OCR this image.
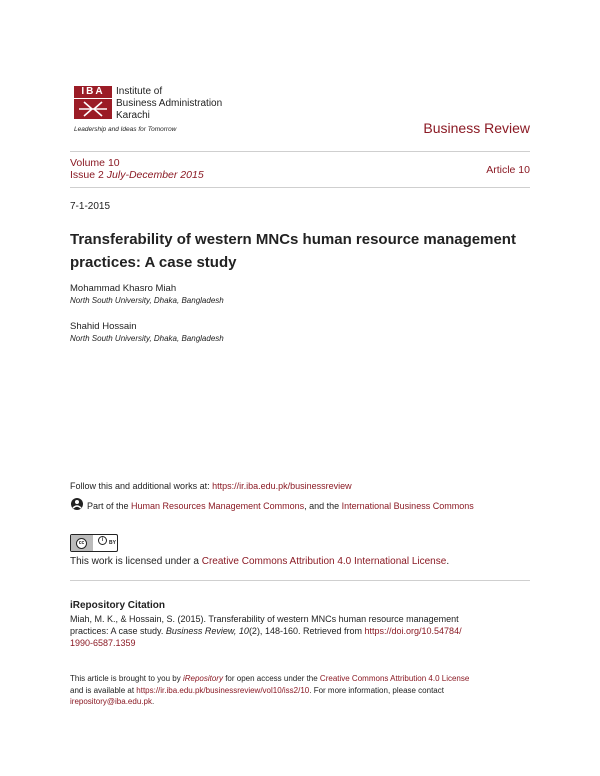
IBA	Institute of
Business Administration
Karachi
Leadership and Ideas for Tomorrow	Business Review
Volume 10
Issue 2 July-December 2015	Article 10
7-1-2015
Transferability of western MNCs human resource management practices: A case study
Mohammad Khasro Miah
North South University, Dhaka, Bangladesh
Shahid Hossain
North South University, Dhaka, Bangladesh
Follow this and additional works at: https://ir.iba.edu.pk/businessreview
Part of the Human Resources Management Commons, and the International Business Commons
cc	i	BY
This work is licensed under a Creative Commons Attribution 4.0 International License.
iRepository Citation
Miah, M. K., & Hossain, S. (2015). Transferability of western MNCs human resource management
practices: A case study. Business Review, 10(2), 148-160. Retrieved from https://doi.org/10.54784/
1990-6587.1359
This article is brought to you by iRepository for open access under the Creative Commons Attribution 4.0 License
and is available at https://ir.iba.edu.pk/businessreview/vol10/iss2/10. For more information, please contact
irepository@iba.edu.pk.
